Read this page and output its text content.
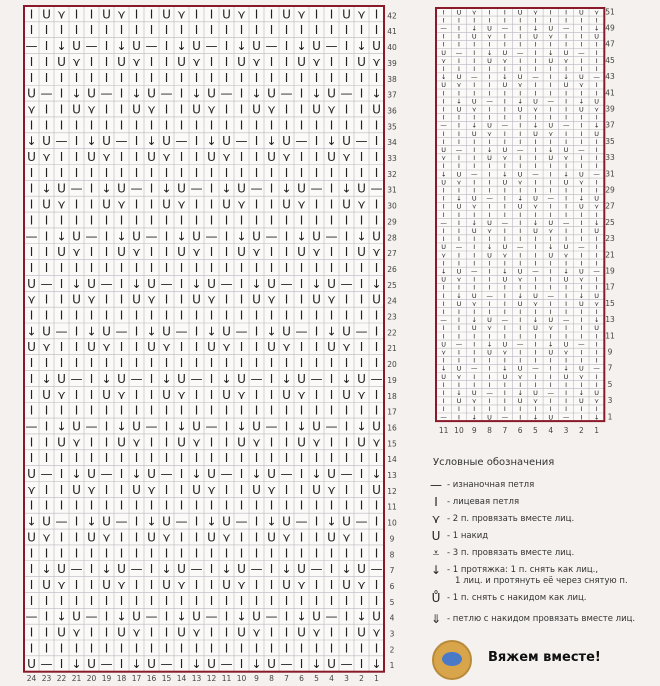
I U ⋎ I I U ⋎ I I U ⋎ I I U ⋎ I I U ⋎ I I U ⋎ I
I I I I I I I I I I I I I I I I I I I I I I I I
— I ↓ U — I ↓ U — I ↓ U — I ↓ U — I ↓ U — I ↓ U
I I U ⋎ I I U ⋎ I I U ⋎ I I U ⋎ I I U ⋎ I I U ⋎
I I I I I I I I I I I I I I I I I I I I I I I I
U — I ↓ U — I ↓ U — I ↓ U — I ↓ U — I ↓ U — I ↓
⋎ I I U ⋎ I I U ⋎ I I U ⋎ I I U ⋎ I I U ⋎ I I U
I I I I I I I I I I I I I I I I I I I I I I I I
↓ U — I ↓ U — I ↓ U — I ↓ U — I ↓ U — I ↓ U — I
U ⋎ I I U ⋎ I I U ⋎ I I U ⋎ I I U ⋎ I I U ⋎ I I
I I I I I I I I I I I I I I I I I I I I I I I I
I ↓ U — I ↓ U — I ↓ U — I ↓ U — I ↓ U — I ↓ U —
I U ⋎ I I U ⋎ I I U ⋎ I I U ⋎ I I U ⋎ I I U ⋎ I
I I I I I I I I I I I I I I I I I I I I I I I I
— I ↓ U — I ↓ U — I ↓ U — I ↓ U — I ↓ U — I ↓ U
I I U ⋎ I I U ⋎ I I U ⋎ I I U ⋎ I I U ⋎ I I U ⋎
I I I I I I I I I I I I I I I I I I I I I I I I
U — I ↓ U — I ↓ U — I ↓ U — I ↓ U — I ↓ U — I ↓
⋎ I I U ⋎ I I U ⋎ I I U ⋎ I I U ⋎ I I U ⋎ I I U
I I I I I I I I I I I I I I I I I I I I I I I I
↓ U — I ↓ U — I ↓ U — I ↓ U — I ↓ U — I ↓ U — I
U ⋎ I I U ⋎ I I U ⋎ I I U ⋎ I I U ⋎ I I U ⋎ I I
I I I I I I I I I I I I I I I I I I I I I I I I
I ↓ U — I ↓ U — I ↓ U — I ↓ U — I ↓ U — I ↓ U —
I U ⋎ I I U ⋎ I I U ⋎ I I U ⋎ I I U ⋎ I I U ⋎ I
I I I I I I I I I I I I I I I I I I I I I I I I
— I ↓ U — I ↓ U — I ↓ U — I ↓ U — I ↓ U — I ↓ U
I I U ⋎ I I U ⋎ I I U ⋎ I I U ⋎ I I U ⋎ I I U ⋎
I I I I I I I I I I I I I I I I I I I I I I I I
U — I ↓ U — I ↓ U — I ↓ U — I ↓ U — I ↓ U — I ↓
⋎ I I U ⋎ I I U ⋎ I I U ⋎ I I U ⋎ I I U ⋎ I I U
I I I I I I I I I I I I I I I I I I I I I I I I
↓ U — I ↓ U — I ↓ U — I ↓ U — I ↓ U — I ↓ U — I
U ⋎ I I U ⋎ I I U ⋎ I I U ⋎ I I U ⋎ I I U ⋎ I I
I I I I I I I I I I I I I I I I I I I I I I I I
I ↓ U — I ↓ U — I ↓ U — I ↓ U — I ↓ U — I ↓ U —
I U ⋎ I I U ⋎ I I U ⋎ I I U ⋎ I I U ⋎ I I U ⋎ I
I I I I I I I I I I I I I I I I I I I I I I I I
— I ↓ U — I ↓ U — I ↓ U — I ↓ U — I ↓ U — I ↓ U
I I U ⋎ I I U ⋎ I I U ⋎ I I U ⋎ I I U ⋎ I I U ⋎
I I I I I I I I I I I I I I I I I I I I I I I I
U — I ↓ U — I ↓ U — I ↓ U — I ↓ U — I ↓ U — I ↓
42
41
40
39
38
37
36
35
34
33
32
31
30
29
28
27
26
25
24
23
22
21
20
19
18
17
16
15
14
13
12
11
10
9
8
7
6
5
4
3
2
1
24 23 22 21 20 19 18 17 16 15 14 13 12 11 10 9 8 7 6 5 4 3 2 1
I U ⋎ I I U ⋎ I I U ⋎
I I I I I I I I I I I
— I ↓ U — I ↓ U — I ↓
I I U ⋎ I I U ⋎ I I U
I I I I I I I I I I I
U — I ↓ U — I ↓ U — I
⋎ I I U ⋎ I I U ⋎ I I
I I I I I I I I I I I
↓ U — I ↓ U — I ↓ U —
U ⋎ I I U ⋎ I I U ⋎ I
I I I I I I I I I I I
I ↓ U — I ↓ U — I ↓ U
I U ⋎ I I U ⋎ I I U ⋎
I I I I I I I I I I I
— I ↓ U — I ↓ U — I ↓
I I U ⋎ I I U ⋎ I I U
I I I I I I I I I I I
U — I ↓ U — I ↓ U — I
⋎ I I U ⋎ I I U ⋎ I I
I I I I I I I I I I I
↓ U — I ↓ U — I ↓ U —
U ⋎ I I U ⋎ I I U ⋎ I
I I I I I I I I I I I
I ↓ U — I ↓ U — I ↓ U
I U ⋎ I I U ⋎ I I U ⋎
I I I I I I I I I I I
— I ↓ U — I ↓ U — I ↓
I I U ⋎ I I U ⋎ I I U
I I I I I I I I I I I
U — I ↓ U — I ↓ U — I
⋎ I I U ⋎ I I U ⋎ I I
I I I I I I I I I I I
↓ U — I ↓ U — I ↓ U —
U ⋎ I I U ⋎ I I U ⋎ I
I I I I I I I I I I I
I ↓ U — I ↓ U — I ↓ U
I U ⋎ I I U ⋎ I I U ⋎
I I I I I I I I I I I
— I ↓ U — I ↓ U — I ↓
I I U ⋎ I I U ⋎ I I U
I I I I I I I I I I I
U — I ↓ U — I ↓ U — I
⋎ I I U ⋎ I I U ⋎ I I
I I I I I I I I I I I
↓ U — I ↓ U — I ↓ U —
U ⋎ I I U ⋎ I I U ⋎ I
I I I I I I I I I I I
I ↓ U — I ↓ U — I ↓ U
I U ⋎ I I U ⋎ I I U ⋎
I I I I I I I I I I I
— I ↓ U — I ↓ U — I ↓
51
49
47
45
43
41
39
37
35
33
31
29
27
25
23
21
19
17
15
13
11
9
7
5
3
1
11 10 9 8 7 6 5 4 3 2 1
Условные обозначения
— - изнаночная петля
I	- лицевая петля
⋎ - 2 п. провязать вместе лиц.
U - 1 накид
⩡ - 3 п. провязать вместе лиц.
↓ - 1 протяжка: 1 п. снять как лиц.,
1 лиц. и протянуть её через снятую п.
Ů - 1 п. снять с накидом как лиц.
⇓ - петлю с накидом провязать вместе лиц.
Вяжем вместе!
